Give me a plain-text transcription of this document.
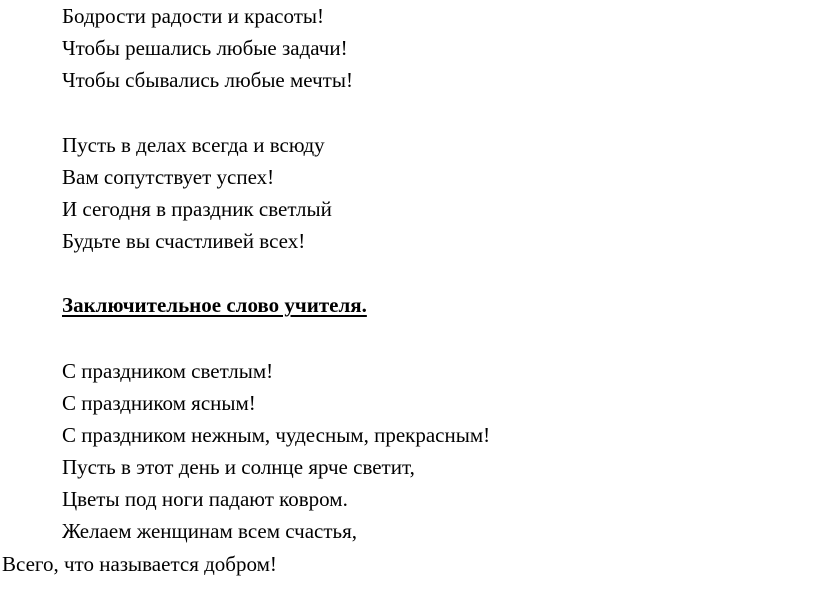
Бодрости радости и красоты!
Чтобы решались любые задачи!
Чтобы сбывались любые мечты!
Пусть в делах всегда и всюду
Вам сопутствует успех!
И сегодня в праздник светлый
Будьте вы счастливей всех!
Заключительное слово учителя.
С праздником светлым!
С праздником ясным!
С праздником нежным, чудесным, прекрасным!
Пусть в этот день и солнце ярче светит,
Цветы под ноги падают ковром.
Желаем женщинам всем счастья,
Всего, что называется добром!
